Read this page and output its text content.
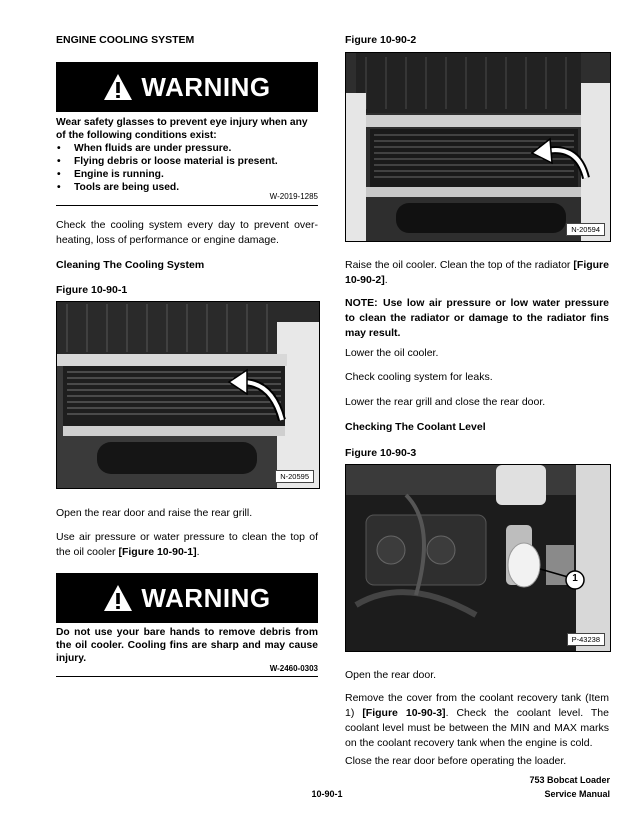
ENGINE COOLING SYSTEM
WARNING
Wear safety glasses to prevent eye injury when any of the following conditions exist:
• When fluids are under pressure.
• Flying debris or loose material is present.
• Engine is running.
• Tools are being used.
W-2019-1285
Check the cooling system every day to prevent over-heating, loss of performance or engine damage.
Cleaning The Cooling System
Figure 10-90-1
N-20595
Open the rear door and raise the rear grill.
Use air pressure or water pressure to clean the top of the oil cooler [Figure 10-90-1].
WARNING
Do not use your bare hands to remove debris from the oil cooler. Cooling fins are sharp and may cause injury.
W-2460-0303
Figure 10-90-2
N-20594
Raise the oil cooler. Clean the top of the radiator [Figure 10-90-2].
NOTE: Use low air pressure or low water pressure to clean the radiator or damage to the radiator fins may result.
Lower the oil cooler.
Check cooling system for leaks.
Lower the rear grill and close the rear door.
Checking The Coolant Level
Figure 10-90-3
1
P-43238
Open the rear door.
Remove the cover from the coolant recovery tank (Item 1) [Figure 10-90-3]. Check the coolant level. The coolant level must be between the MIN and MAX marks on the coolant recovery tank when the engine is cold.
Close the rear door before operating the loader.
10-90-1
753 Bobcat Loader
Service Manual
